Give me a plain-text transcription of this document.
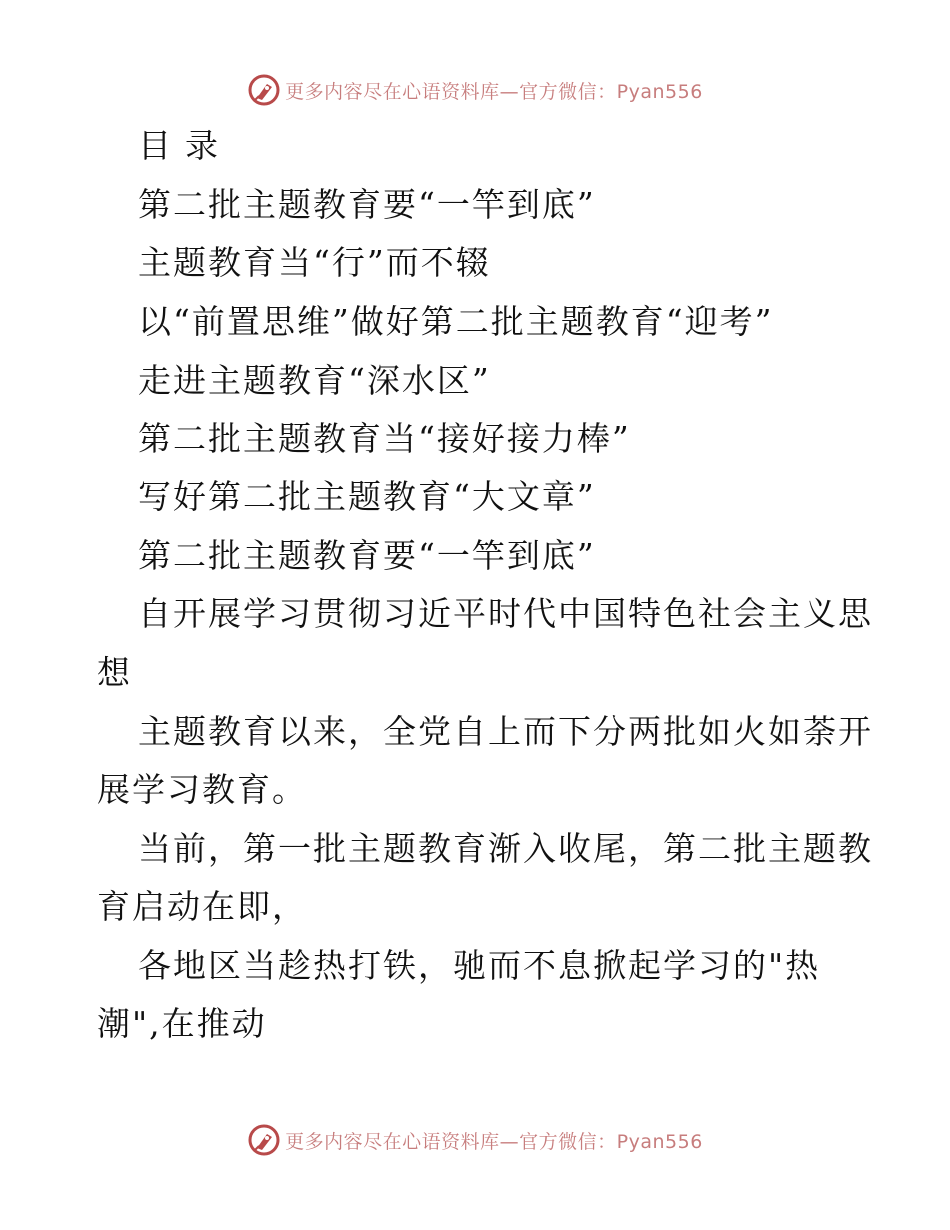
更多内容尽在心语资料库—官方微信：Pyan556
目录
第二批主题教育要“一竿到底”
主题教育当“行”而不辍
以“前置思维”做好第二批主题教育“迎考”
走进主题教育“深水区”
第二批主题教育当“接好接力棒”
写好第二批主题教育“大文章”
第二批主题教育要“一竿到底”
自开展学习贯彻习近平时代中国特色社会主义思
想
主题教育以来，全党自上而下分两批如火如荼开
展学习教育。
当前，第一批主题教育渐入收尾，第二批主题教
育启动在即，
各地区当趁热打铁，驰而不息掀起学习的"热
潮",在推动
更多内容尽在心语资料库—官方微信：Pyan556
